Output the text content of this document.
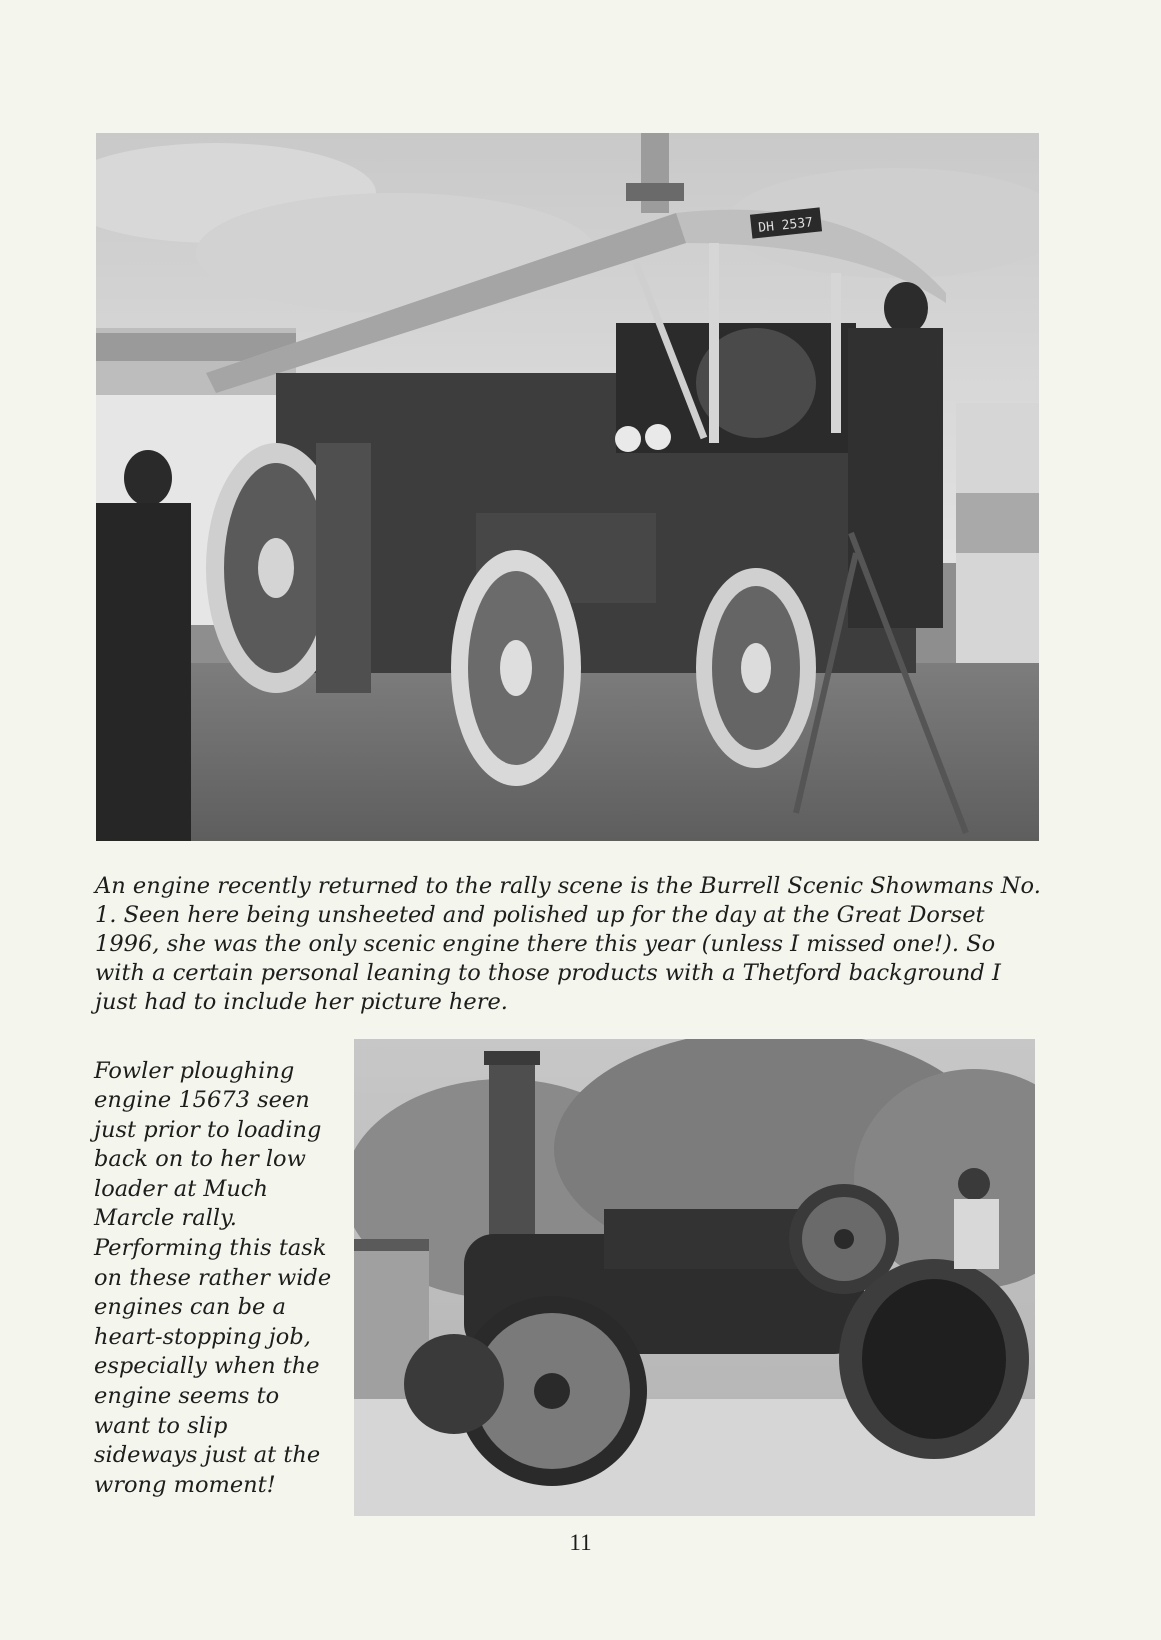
DH 2537

An engine recently returned to the rally scene is the Burrell Scenic Showmans No. 1. Seen here being unsheeted and polished up for the day at the Great Dorset 1996, she was the only scenic engine there this year (unless I missed one!). So with a certain personal leaning to those products with a Thetford background I just had to include her picture here.

Fowler ploughing engine 15673 seen just prior to loading back on to her low loader at Much Marcle rally. Performing this task on these rather wide engines can be a heart-stopping job, especially when the engine seems to want to slip sideways just at the wrong moment!

11
